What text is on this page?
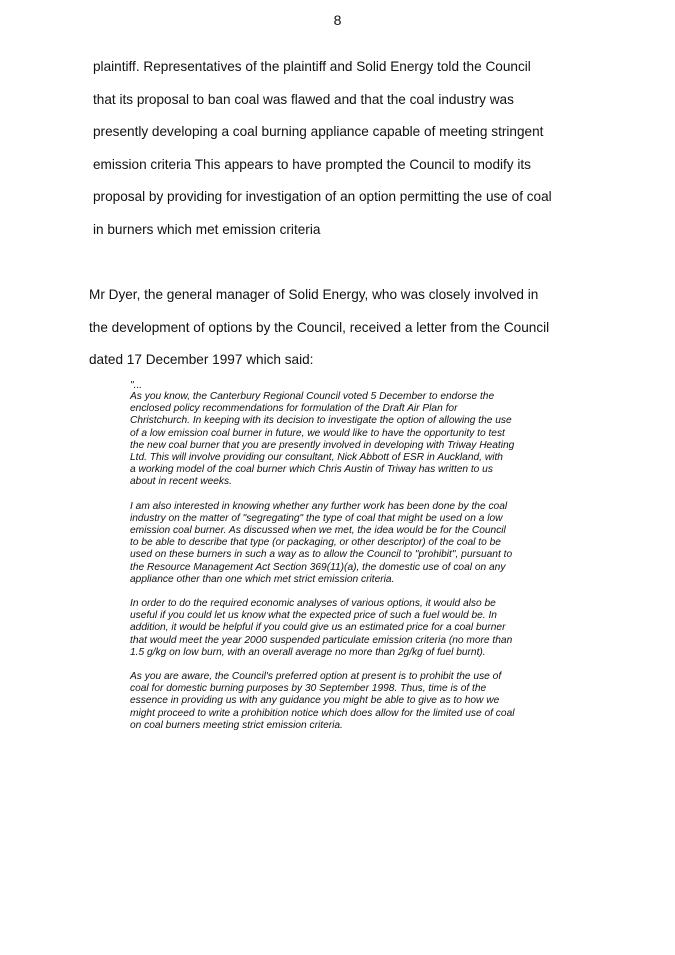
8
plaintiff. Representatives of the plaintiff and Solid Energy told the Council
that its proposal to ban coal was flawed and that the coal industry was
presently developing a coal burning appliance capable of meeting stringent
emission criteria This appears to have prompted the Council to modify its
proposal by providing for investigation of an option permitting the use of coal
in burners which met emission criteria
Mr Dyer, the general manager of Solid Energy, who was closely involved in
the development of options by the Council, received a letter from the Council
dated 17 December 1997 which said:

"...

As you know, the Canterbury Regional Council voted 5 December to endorse the
enclosed policy recommendations for formulation of the Draft Air Plan for
Christchurch. In keeping with its decision to investigate the option of allowing the use
of a low emission coal burner in future, we would like to have the opportunity to test
the new coal burner that you are presently involved in developing with Triway Heating
Ltd. This will involve providing our consultant, Nick Abbott of ESR in Auckland, with
a working model of the coal burner which Chris Austin of Triway has written to us
about in recent weeks.
I am also interested in knowing whether any further work has been done by the coal
industry on the matter of "segregating" the type of coal that might be used on a low
emission coal burner. As discussed when we met, the idea would be for the Council
to be able to describe that type (or packaging, or other descriptor) of the coal to be
used on these burners in such a way as to allow the Council to "prohibit", pursuant to
the Resource Management Act Section 369(11)(a), the domestic use of coal on any
appliance other than one which met strict emission criteria.
In order to do the required economic analyses of various options, it would also be
useful if you could let us know what the expected price of such a fuel would be. In
addition, it would be helpful if you could give us an estimated price for a coal burner
that would meet the year 2000 suspended particulate emission criteria (no more than
1.5 g/kg on low burn, with an overall average no more than 2g/kg of fuel burnt).
As you are aware, the Council's preferred option at present is to prohibit the use of
coal for domestic burning purposes by 30 September 1998. Thus, time is of the
essence in providing us with any guidance you might be able to give as to how we
might proceed to write a prohibition notice which does allow for the limited use of coal
on coal burners meeting strict emission criteria.
